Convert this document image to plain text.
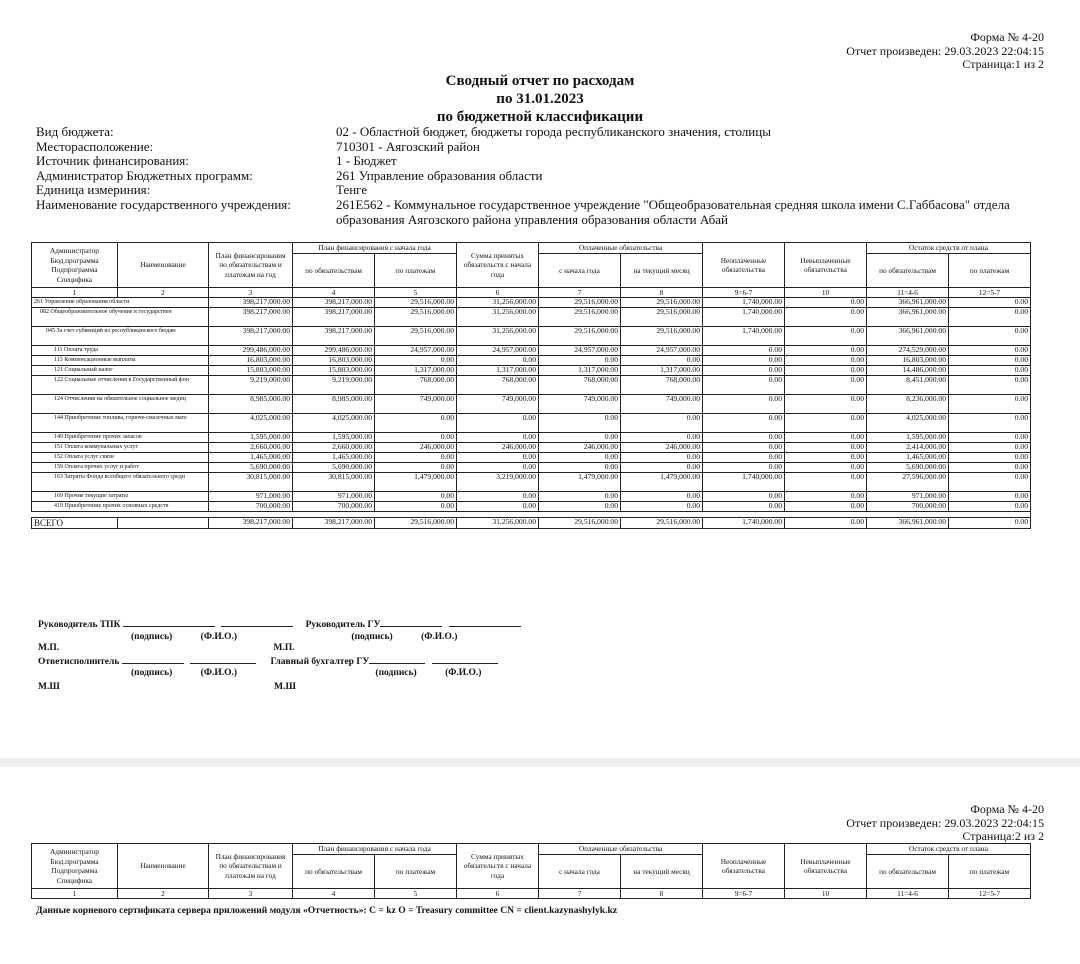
Форма № 4-20
Отчет произведен: 29.03.2023 22:04:15
Страница:1 из 2
Сводный отчет по расходам
по 31.01.2023
по бюджетной классификации
Вид бюджета:	02 - Областной бюджет, бюджеты города республиканского значения, столицы
Месторасположение:	710301 - Аягозский район
Источник финансирования:	1 - Бюджет
Администратор Бюджетных программ:	261 Управление образования области
Единица измериния:	Тенге
Наименование государственного учреждения:	261E562 - Коммунальное государственное учреждение "Общеобразовательная средняя школа имени С.Габбасова" отдела образования Аягозского района управления образования области Абай
Администратор Бюд.программа Подпрограмма Специфика	Наименование	План финансирования по обязательствам и платежам на год	План финансирования с начала года		Сумма принятых обязательств с начала года	Оплаченные обязательства		Неоплаченные обязательства	Невыплаченные обязательства	Остаток средств от плана	
			по обязательствам	по платежам		с начала года	на текущий месяц			по обязательствам	по платежам
1	2	3	4	5	6	7	8	9=6-7	10	11=4-6	12=5-7
261 Управление образования области		398,217,000.00	398,217,000.00	29,516,000.00	31,256,000.00	29,516,000.00	29,516,000.00	1,740,000.00	0.00	366,961,000.00	0.00
082 Общеобразовательное обучение в государствен		398,217,000.00	398,217,000.00	29,516,000.00	31,256,000.00	29,516,000.00	29,516,000.00	1,740,000.00	0.00	366,961,000.00	0.00
045 За счет субвенций из республиканского бюдже		398,217,000.00	398,217,000.00	29,516,000.00	31,256,000.00	29,516,000.00	29,516,000.00	1,740,000.00	0.00	366,961,000.00	0.00
111 Оплата труда		299,486,000.00	299,486,000.00	24,957,000.00	24,957,000.00	24,957,000.00	24,957,000.00	0.00	0.00	274,529,000.00	0.00
113 Компенсационные выплаты		16,803,000.00	16,803,000.00	0.00	0.00	0.00	0.00	0.00	0.00	16,803,000.00	0.00
121 Социальный налог		15,803,000.00	15,803,000.00	1,317,000.00	1,317,000.00	1,317,000.00	1,317,000.00	0.00	0.00	14,486,000.00	0.00
122 Социальные отчисления в Государственный фон		9,219,000.00	9,219,000.00	768,000.00	768,000.00	768,000.00	768,000.00	0.00	0.00	8,451,000.00	0.00
124 Отчисления на обязательное социальное медиц		8,985,000.00	8,985,000.00	749,000.00	749,000.00	749,000.00	749,000.00	0.00	0.00	8,236,000.00	0.00
144 Приобретение топлива, горюче-смазочных мате		4,025,000.00	4,025,000.00	0.00	0.00	0.00	0.00	0.00	0.00	4,025,000.00	0.00
149 Приобретение прочих запасов		1,595,000.00	1,595,000.00	0.00	0.00	0.00	0.00	0.00	0.00	1,595,000.00	0.00
151 Оплата коммунальных услуг		2,660,000.00	2,660,000.00	246,000.00	246,000.00	246,000.00	246,000.00	0.00	0.00	2,414,000.00	0.00
152 Оплата услуг связи		1,465,000.00	1,465,000.00	0.00	0.00	0.00	0.00	0.00	0.00	1,465,000.00	0.00
159 Оплата прочих услуг и работ		5,690,000.00	5,690,000.00	0.00	0.00	0.00	0.00	0.00	0.00	5,690,000.00	0.00
163 Затраты Фонда всеобщего обязательного средн		30,815,000.00	30,815,000.00	1,479,000.00	3,219,000.00	1,479,000.00	1,479,000.00	1,740,000.00	0.00	27,596,000.00	0.00
169 Прочие текущие затраты		971,000.00	971,000.00	0.00	0.00	0.00	0.00	0.00	0.00	971,000.00	0.00
419 Приобретение прочих основных средств		700,000.00	700,000.00	0.00	0.00	0.00	0.00	0.00	0.00	700,000.00	0.00

ВСЕГО		398,217,000.00	398,217,000.00	29,516,000.00	31,256,000.00	29,516,000.00	29,516,000.00	1,740,000.00	0.00	366,961,000.00	0.00
Руководитель ТПК	Руководитель ГУ
(подпись)	(Ф.И.О.)	(подпись)	(Ф.И.О.)
М.П.	М.П.
Ответисполнитель	Главный бухгалтер ГУ
(подпись)	(Ф.И.О.)	(подпись)	(Ф.И.О.)
М.Ш	М.Ш
Форма № 4-20
Отчет произведен: 29.03.2023 22:04:15
Страница:2 из 2
Администратор Бюд.программа Подпрограмма Специфика	Наименование	План финансирования по обязательствам и платежам на год	План финансирования с начала года		Сумма принятых обязательств с начала года	Оплаченные обязательства		Неоплаченные обязательства	Невыплаченные обязательства	Остаток средств от плана	
			по обязательствам	по платежам		с начала года	на текущий месяц			по обязательствам	по платежам
1	2	3	4	5	6	7	8	9=6-7	10	11=4-6	12=5-7
Данные корневого сертификата сервера приложений модуля «Отчетность»: C = kz O = Treasury committee CN = client.kazynashylyk.kz
